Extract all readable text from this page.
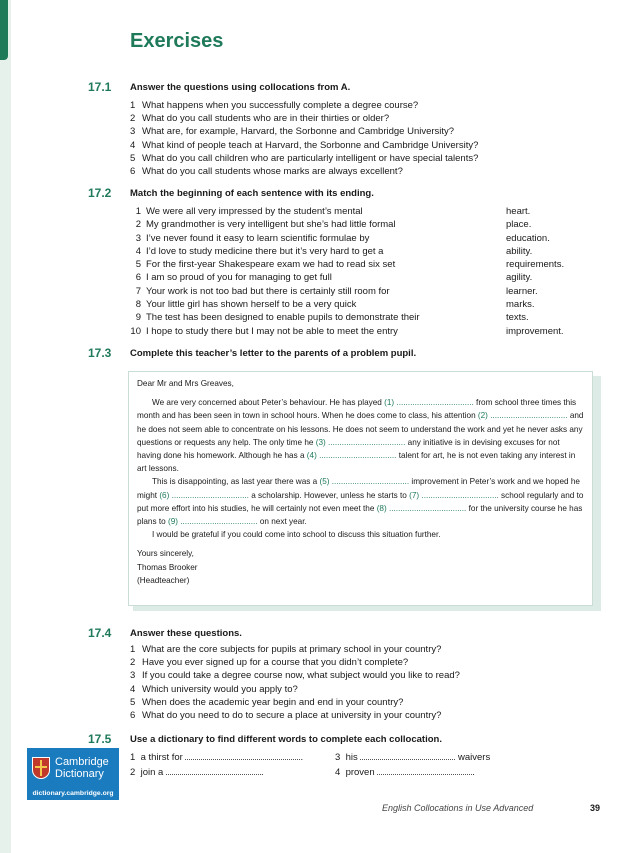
Exercises
17.1 Answer the questions using collocations from A.
1 What happens when you successfully complete a degree course?
2 What do you call students who are in their thirties or older?
3 What are, for example, Harvard, the Sorbonne and Cambridge University?
4 What kind of people teach at Harvard, the Sorbonne and Cambridge University?
5 What do you call children who are particularly intelligent or have special talents?
6 What do you call students whose marks are always excellent?
17.2 Match the beginning of each sentence with its ending.
1 We were all very impressed by the student’s mental	heart.
2 My grandmother is very intelligent but she’s had little formal	place.
3 I’ve never found it easy to learn scientific formulae by	education.
4 I’d love to study medicine there but it’s very hard to get a	ability.
5 For the first-year Shakespeare exam we had to read six set	requirements.
6 I am so proud of you for managing to get full	agility.
7 Your work is not too bad but there is certainly still room for	learner.
8 Your little girl has shown herself to be a very quick	marks.
9 The test has been designed to enable pupils to demonstrate their	texts.
10 I hope to study there but I may not be able to meet the entry	improvement.
17.3 Complete this teacher’s letter to the parents of a problem pupil.

Dear Mr and Mrs Greaves,

We are very concerned about Peter’s behaviour. He has played (1) .................................. from school three times this month and has been seen in town in school hours. When he does come to class, his attention (2) .................................. and he does not seem able to concentrate on his lessons. He does not seem to understand the work and yet he never asks any questions or requests any help. The only time he (3) .................................. any initiative is in devising excuses for not having done his homework. Although he has a (4) .................................. talent for art, he is not even taking any interest in art lessons.

This is disappointing, as last year there was a (5) .................................. improvement in Peter’s work and we hoped he might (6) .................................. a scholarship. However, unless he starts to (7) .................................. school regularly and to put more effort into his studies, he will certainly not even meet the (8) .................................. for the university course he has plans to (9) .................................. on next year.

I would be grateful if you could come into school to discuss this situation further.

Yours sincerely,

Thomas Brooker

(Headteacher)

17.4 Answer these questions.
1 What are the core subjects for pupils at primary school in your country?
2 Have you ever signed up for a course that you didn’t complete?
3 If you could take a degree course now, what subject would you like to read?
4 Which university would you apply to?
5 When does the academic year begin and end in your country?
6 What do you need to do to secure a place at university in your country?
17.5 Use a dictionary to find different words to complete each collocation.
1 a thirst for	.	3 his	waivers
2 join a	.	4 proven	.
Cambridge
Dictionary
dictionary.cambridge.org
English Collocations in Use Advanced	39
